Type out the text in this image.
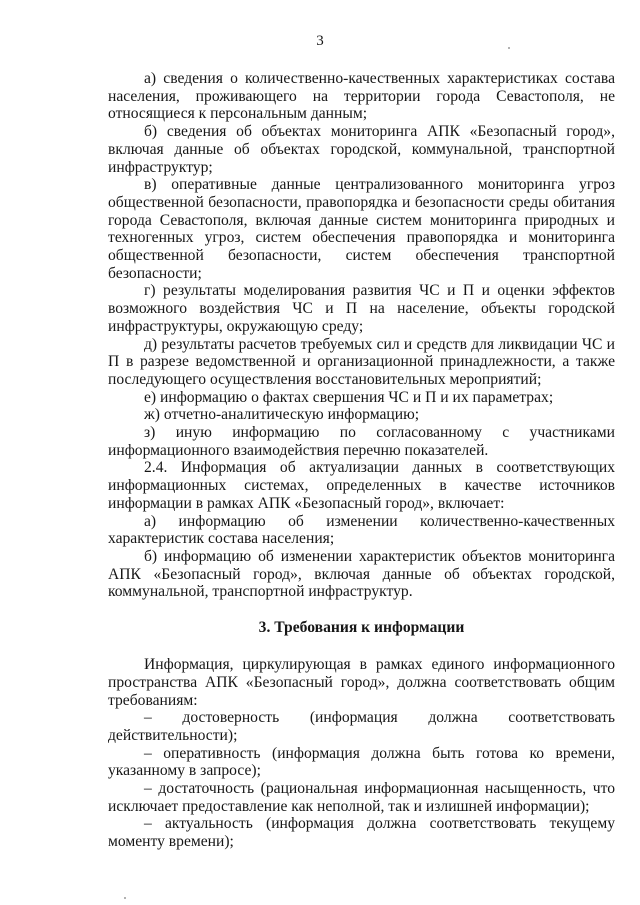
3

а) сведения о количественно-качественных характеристиках состава населения, проживающего на территории города Севастополя, не относящиеся к персональным данным;

б) сведения об объектах мониторинга АПК «Безопасный город», включая данные об объектах городской, коммунальной, транспортной инфраструктур;

в) оперативные данные централизованного мониторинга угроз общественной безопасности, правопорядка и безопасности среды обитания города Севастополя, включая данные систем мониторинга природных и техногенных угроз, систем обеспечения правопорядка и мониторинга общественной безопасности, систем обеспечения транспортной безопасности;

г) результаты моделирования развития ЧС и П и оценки эффектов возможного воздействия ЧС и П на население, объекты городской инфраструктуры, окружающую среду;

д) результаты расчетов требуемых сил и средств для ликвидации ЧС и П в разрезе ведомственной и организационной принадлежности, а также последующего осуществления восстановительных мероприятий;

е) информацию о фактах свершения ЧС и П и их параметрах;

ж) отчетно-аналитическую информацию;

з) иную информацию по согласованному с участниками информационного взаимодействия перечню показателей.

2.4. Информация об актуализации данных в соответствующих информационных системах, определенных в качестве источников информации в рамках АПК «Безопасный город», включает:

а) информацию об изменении количественно-качественных характеристик состава населения;

б) информацию об изменении характеристик объектов мониторинга АПК «Безопасный город», включая данные об объектах городской, коммунальной, транспортной инфраструктур.

3. Требования к информации

Информация, циркулирующая в рамках единого информационного пространства АПК «Безопасный город», должна соответствовать общим требованиям:

– достоверность (информация должна соответствовать действительности);

– оперативность (информация должна быть готова ко времени, указанному в запросе);

– достаточность (рациональная информационная насыщенность, что исключает предоставление как неполной, так и излишней информации);

– актуальность (информация должна соответствовать текущему моменту времени);
